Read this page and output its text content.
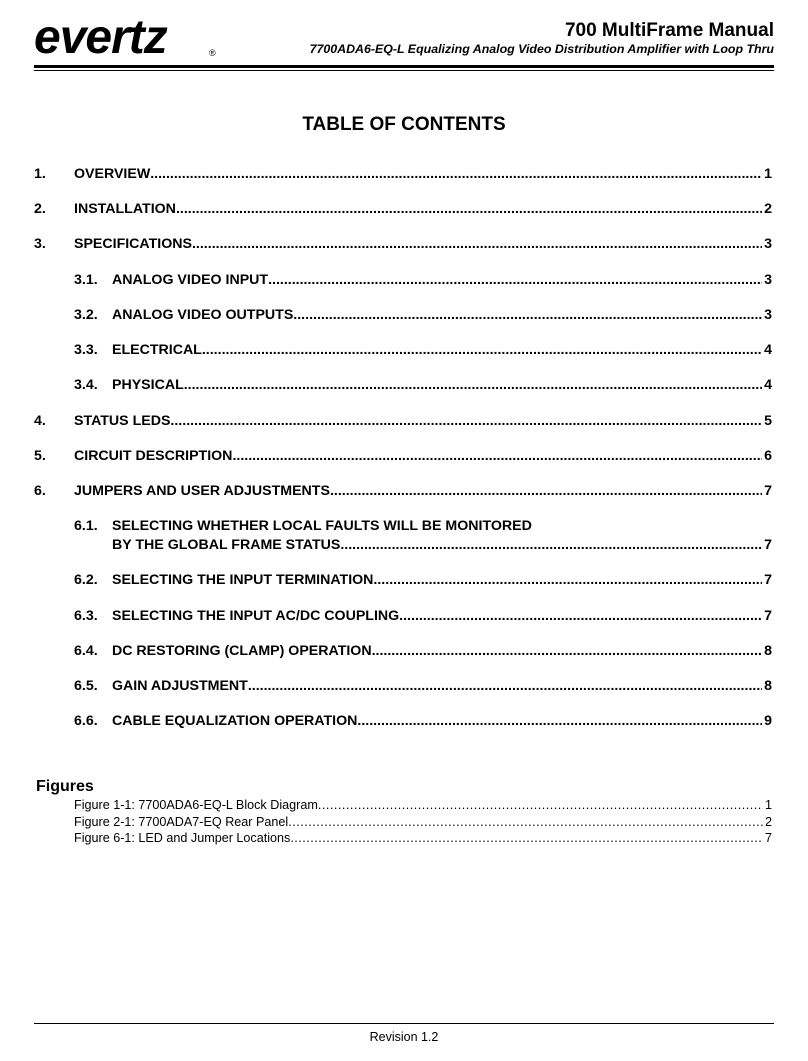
evertz	®
700 MultiFrame Manual
7700ADA6-EQ-L Equalizing Analog Video Distribution Amplifier with Loop Thru
TABLE OF CONTENTS
1. OVERVIEW .....	1
2. INSTALLATION .....	2
3. SPECIFICATIONS .....	3
3.1. ANALOG VIDEO INPUT .....	3
3.2. ANALOG VIDEO OUTPUTS .....	3
3.3. ELECTRICAL .....	4
3.4. PHYSICAL .....	4
4. STATUS LEDS .....	5
5. CIRCUIT DESCRIPTION .....	6
6. JUMPERS AND USER ADJUSTMENTS .....	7
6.1. SELECTING WHETHER LOCAL FAULTS WILL BE MONITORED
BY THE GLOBAL FRAME STATUS .....	7
6.2. SELECTING THE INPUT TERMINATION .....	7
6.3. SELECTING THE INPUT AC/DC COUPLING .....	7
6.4. DC RESTORING (CLAMP) OPERATION .....	8
6.5. GAIN ADJUSTMENT .....	8
6.6. CABLE EQUALIZATION OPERATION .....	9
Figures
Figure 1-1: 7700ADA6-EQ-L Block Diagram .....	1
Figure 2-1: 7700ADA7-EQ Rear Panel .....	2
Figure 6-1: LED and Jumper Locations .....	7
Revision 1.2
